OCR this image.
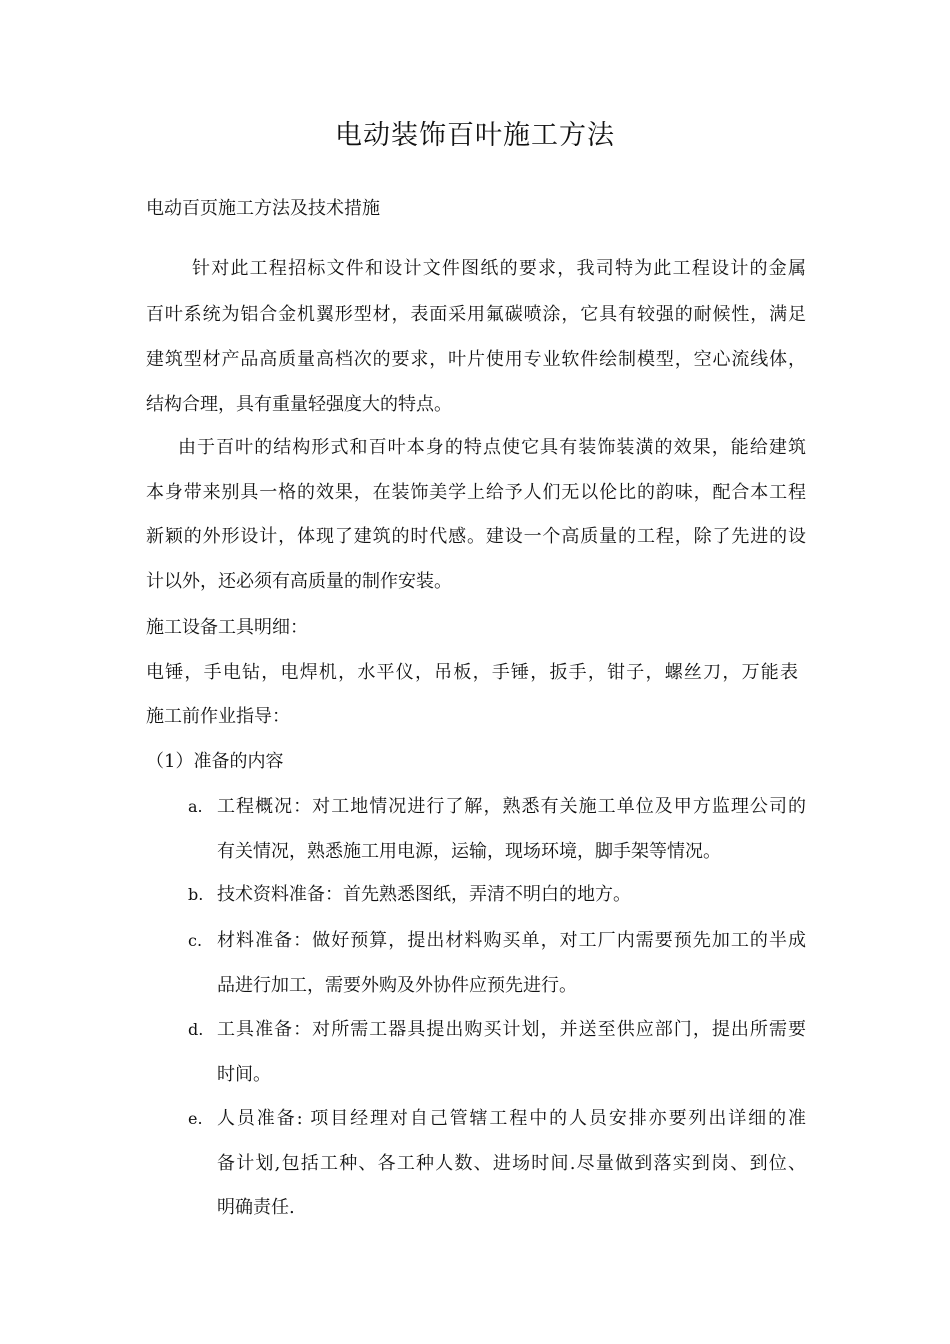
电动装饰百叶施工方法
电动百页施工方法及技术措施
针对此工程招标文件和设计文件图纸的要求，我司特为此工程设计的金属
百叶系统为铝合金机翼形型材，表面采用氟碳喷涂，它具有较强的耐候性，满足
建筑型材产品高质量高档次的要求，叶片使用专业软件绘制模型，空心流线体，
结构合理，具有重量轻强度大的特点。
由于百叶的结构形式和百叶本身的特点使它具有装饰装潢的效果，能给建筑
本身带来别具一格的效果，在装饰美学上给予人们无以伦比的韵味，配合本工程
新颖的外形设计，体现了建筑的时代感。建设一个高质量的工程，除了先进的设
计以外，还必须有高质量的制作安装。
施工设备工具明细：
电锤，手电钻，电焊机，水平仪，吊板，手锤，扳手，钳子，螺丝刀，万能表
施工前作业指导：
（1）准备的内容
a. 工程概况：对工地情况进行了解，熟悉有关施工单位及甲方监理公司的
有关情况，熟悉施工用电源，运输，现场环境，脚手架等情况。
b. 技术资料准备：首先熟悉图纸，弄清不明白的地方。
c. 材料准备：做好预算，提出材料购买单，对工厂内需要预先加工的半成
品进行加工，需要外购及外协件应预先进行。
d. 工具准备：对所需工器具提出购买计划，并送至供应部门，提出所需要
时间。
e. 人员准备: 项目经理对自己管辖工程中的人员安排亦要列出详细的准
备计划,包括工种、各工种人数、进场时间.尽量做到落实到岗、到位、
明确责任.
